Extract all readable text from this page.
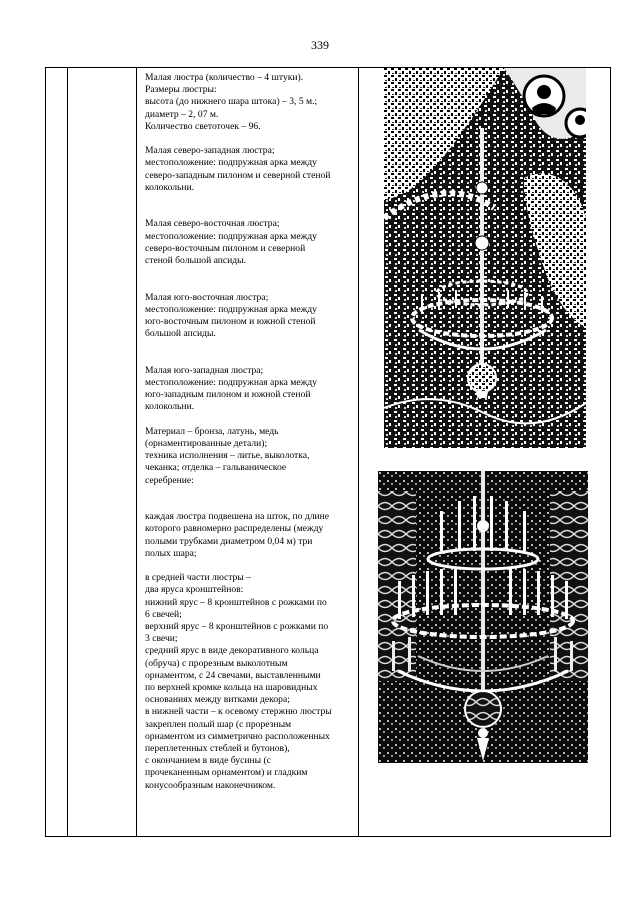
339

Малая люстра (количество – 4 штуки).

Размеры люстры:

высота (до нижнего шара штока) – 3, 5 м.;

диаметр – 2, 07 м.

Количество светоточек – 96.

Малая северо-западная люстра;

местоположение: подпружная арка между

северо-западным пилоном и северной стеной

колокольни.

Малая северо-восточная люстра;

местоположение: подпружная арка между

северо-восточным пилоном и северной

стеной большой апсиды.

Малая юго-восточная люстра;

местоположение: подпружная арка между

юго-восточным пилоном и южной стеной

большой апсиды.

Малая юго-западная люстра;

местоположение: подпружная арка между

юго-западным пилоном и южной стеной

колокольни.

Материал – бронза, латунь, медь

(орнаментированные детали);

техника исполнения – литье, выколотка,

чеканка; отделка – гальваническое

серебрение:

каждая люстра подвешена на шток, по длине

которого равномерно распределены (между

полыми трубками диаметром 0,04 м) три

полых шара;

в средней части люстры –

два яруса кронштейнов:

нижний ярус – 8 кронштейнов с рожками по

6 свечей;

верхний ярус – 8 кронштейнов с рожками по

3 свечи;

средний ярус в виде декоративного кольца

(обруча) с прорезным выколотным

орнаментом, с 24 свечами, выставленными

по верхней кромке кольца на шаровидных

основаниях между витками декора;

в нижней части – к осевому стержню люстры

закреплен полый шар (с прорезным

орнаментом из симметрично расположенных

переплетенных стеблей и бутонов),

с окончанием в виде бусины (с

прочеканенным орнаментом) и гладким

конусообразным наконечником.
